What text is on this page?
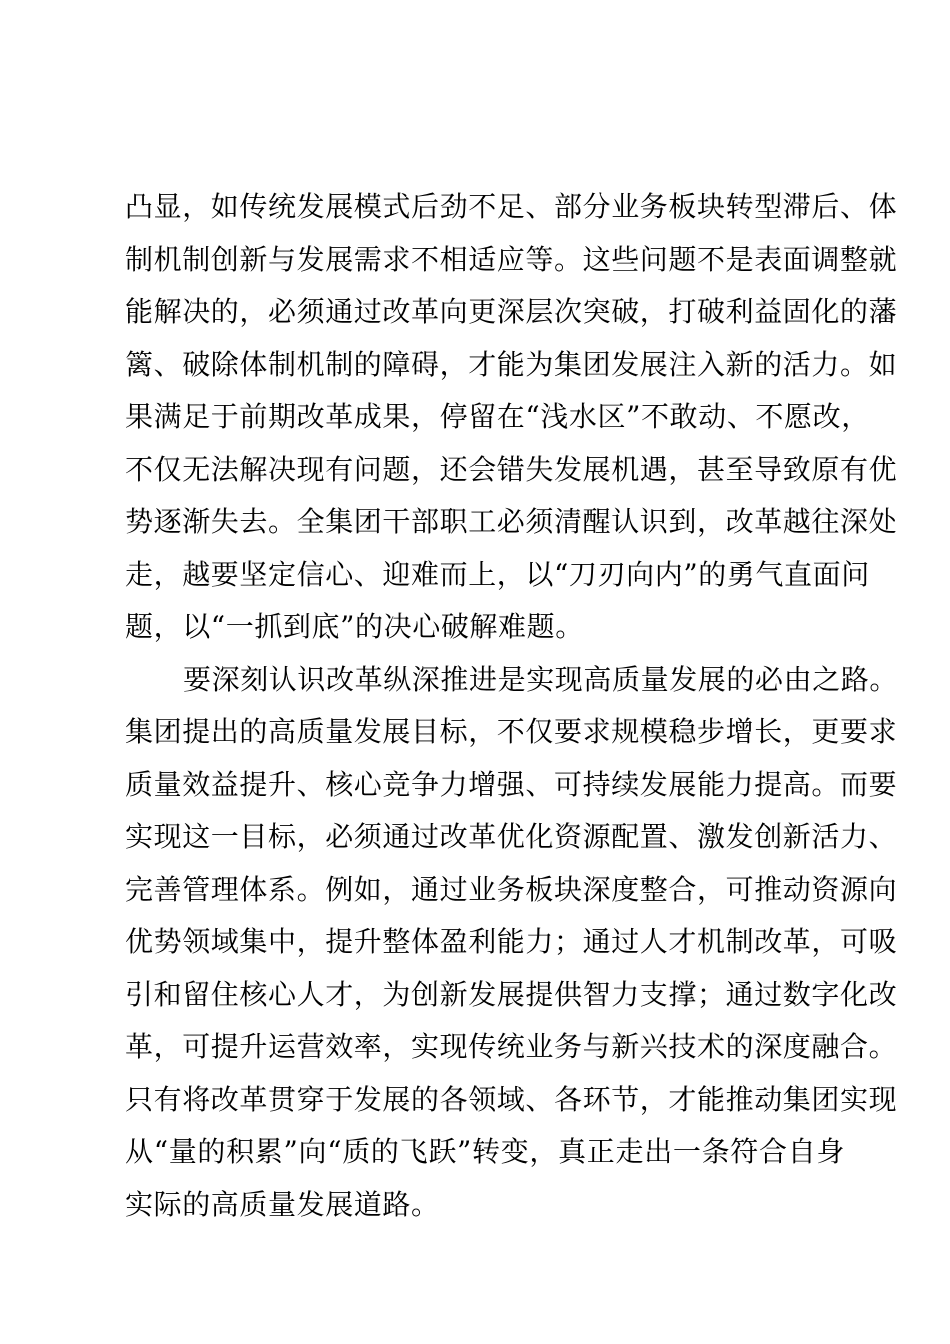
凸显，如传统发展模式后劲不足、部分业务板块转型滞后、体
制机制创新与发展需求不相适应等。这些问题不是表面调整就
能解决的，必须通过改革向更深层次突破，打破利益固化的藩
篱、破除体制机制的障碍，才能为集团发展注入新的活力。如
果满足于前期改革成果，停留在“浅水区”不敢动、不愿改，
不仅无法解决现有问题，还会错失发展机遇，甚至导致原有优
势逐渐失去。全集团干部职工必须清醒认识到，改革越往深处
走，越要坚定信心、迎难而上，以“刀刃向内”的勇气直面问
题，以“一抓到底”的决心破解难题。
要深刻认识改革纵深推进是实现高质量发展的必由之路。
集团提出的高质量发展目标，不仅要求规模稳步增长，更要求
质量效益提升、核心竞争力增强、可持续发展能力提高。而要
实现这一目标，必须通过改革优化资源配置、激发创新活力、
完善管理体系。例如，通过业务板块深度整合，可推动资源向
优势领域集中，提升整体盈利能力；通过人才机制改革，可吸
引和留住核心人才，为创新发展提供智力支撑；通过数字化改
革，可提升运营效率，实现传统业务与新兴技术的深度融合。
只有将改革贯穿于发展的各领域、各环节，才能推动集团实现
从“量的积累”向“质的飞跃”转变，真正走出一条符合自身
实际的高质量发展道路。
